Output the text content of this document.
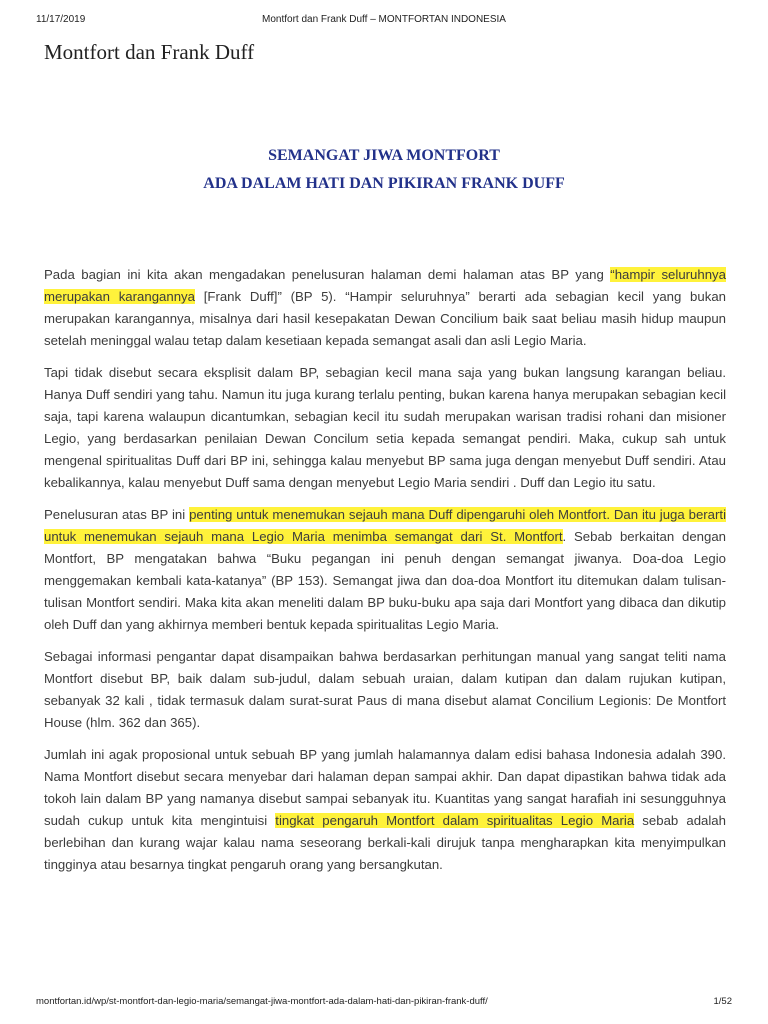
11/17/2019	Montfort dan Frank Duff – MONTFORTAN INDONESIA
Montfort dan Frank Duff
SEMANGAT JIWA MONTFORT
ADA DALAM HATI DAN PIKIRAN FRANK DUFF

Pada bagian ini kita akan mengadakan penelusuran halaman demi halaman atas BP yang “hampir seluruhnya merupakan karangannya [Frank Duff]” (BP 5). “Hampir seluruhnya” berarti ada sebagian kecil yang bukan merupakan karangannya, misalnya dari hasil kesepakatan Dewan Concilium baik saat beliau masih hidup maupun setelah meninggal walau tetap dalam kesetiaan kepada semangat asali dan asli Legio Maria.

Tapi tidak disebut secara eksplisit dalam BP, sebagian kecil mana saja yang bukan langsung karangan beliau. Hanya Duff sendiri yang tahu. Namun itu juga kurang terlalu penting, bukan karena hanya merupakan sebagian kecil saja, tapi karena walaupun dicantumkan, sebagian kecil itu sudah merupakan warisan tradisi rohani dan misioner Legio, yang berdasarkan penilaian Dewan Concilum setia kepada semangat pendiri. Maka, cukup sah untuk mengenal spiritualitas Duff dari BP ini, sehingga kalau menyebut BP sama juga dengan menyebut Duff sendiri. Atau kebalikannya, kalau menyebut Duff sama dengan menyebut Legio Maria sendiri . Duff dan Legio itu satu.

Penelusuran atas BP ini penting untuk menemukan sejauh mana Duff dipengaruhi oleh Montfort. Dan itu juga berarti untuk menemukan sejauh mana Legio Maria menimba semangat dari St. Montfort. Sebab berkaitan dengan Montfort, BP mengatakan bahwa “Buku pegangan ini penuh dengan semangat jiwanya. Doa-doa Legio menggemakan kembali kata-katanya” (BP 153). Semangat jiwa dan doa-doa Montfort itu ditemukan dalam tulisan-tulisan Montfort sendiri. Maka kita akan meneliti dalam BP buku-buku apa saja dari Montfort yang dibaca dan dikutip oleh Duff dan yang akhirnya memberi bentuk kepada spiritualitas Legio Maria.

Sebagai informasi pengantar dapat disampaikan bahwa berdasarkan perhitungan manual yang sangat teliti nama Montfort disebut BP, baik dalam sub-judul, dalam sebuah uraian, dalam kutipan dan dalam rujukan kutipan, sebanyak 32 kali , tidak termasuk dalam surat-surat Paus di mana disebut alamat Concilium Legionis: De Montfort House (hlm. 362 dan 365).

Jumlah ini agak proposional untuk sebuah BP yang jumlah halamannya dalam edisi bahasa Indonesia adalah 390. Nama Montfort disebut secara menyebar dari halaman depan sampai akhir. Dan dapat dipastikan bahwa tidak ada tokoh lain dalam BP yang namanya disebut sampai sebanyak itu. Kuantitas yang sangat harafiah ini sesungguhnya sudah cukup untuk kita mengintuisi tingkat pengaruh Montfort dalam spiritualitas Legio Maria sebab adalah berlebihan dan kurang wajar kalau nama seseorang berkali-kali dirujuk tanpa mengharapkan kita menyimpulkan tingginya atau besarnya tingkat pengaruh orang yang bersangkutan.

montfortan.id/wp/st-montfort-dan-legio-maria/semangat-jiwa-montfort-ada-dalam-hati-dan-pikiran-frank-duff/	1/52
